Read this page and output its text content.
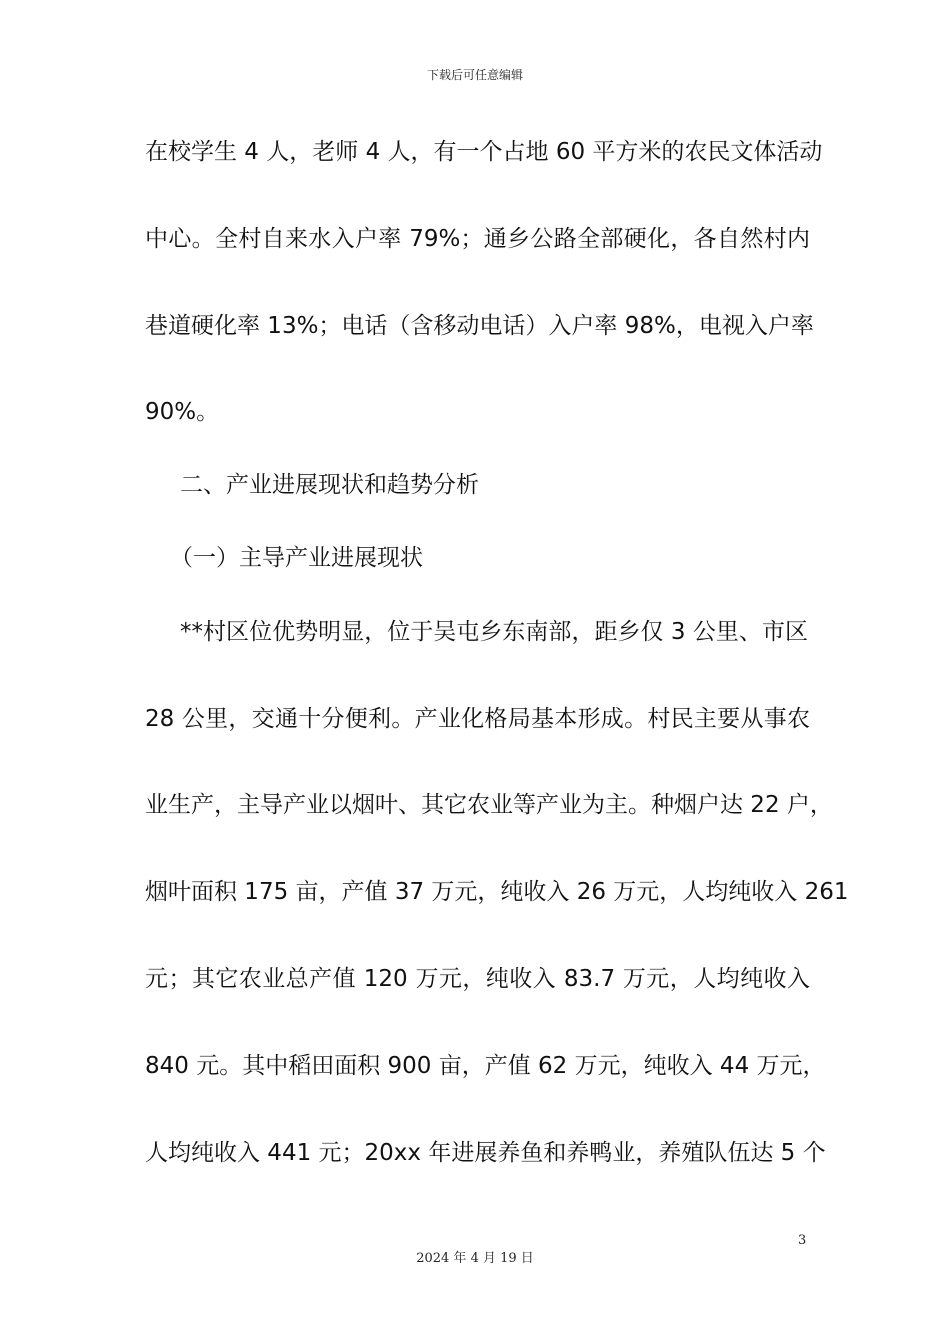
下载后可任意编辑
在校学生 4 人，老师 4 人，有一个占地 60 平方米的农民文体活动
中心。全村自来水入户率 79%；通乡公路全部硬化，各自然村内
巷道硬化率 13%；电话（含移动电话）入户率 98%，电视入户率
90%。
二、产业进展现状和趋势分析
（一）主导产业进展现状
**村区位优势明显，位于吴屯乡东南部，距乡仅 3 公里、市区
28 公里，交通十分便利。产业化格局基本形成。村民主要从事农
业生产，主导产业以烟叶、其它农业等产业为主。种烟户达 22 户，
烟叶面积 175 亩，产值 37 万元，纯收入 26 万元，人均纯收入 261
元；其它农业总产值 120 万元，纯收入 83.7 万元，人均纯收入
840 元。其中稻田面积 900 亩，产值 62 万元，纯收入 44 万元，
人均纯收入 441 元；20xx 年进展养鱼和养鸭业，养殖队伍达 5 个
3
2024 年 4 月 19 日
